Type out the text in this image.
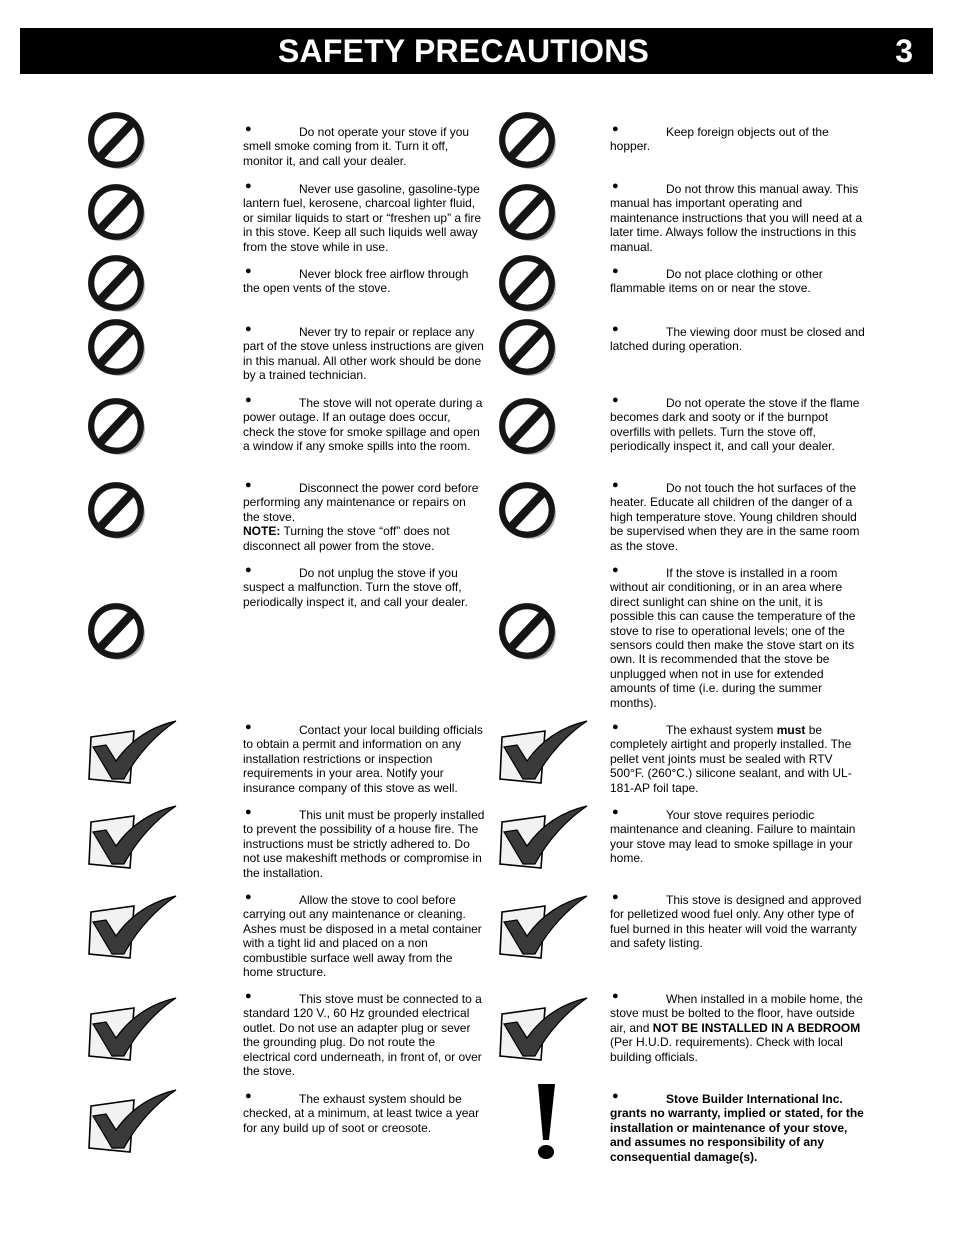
SAFETY PRECAUTIONS	3
●	Do not operate your stove if you smell smoke coming from it. Turn it off, monitor it, and call your dealer.
●	Never use gasoline, gasoline-type lantern fuel, kerosene, charcoal lighter fluid, or similar liquids to start or “freshen up” a fire in this stove. Keep all such liquids well away from the stove while in use.
●	Never block free airflow through the open vents of the stove.
●	Never try to repair or replace any part of the stove unless instructions are given in this manual. All other work should be done by a trained technician.
●	The stove will not operate during a power outage. If an outage does occur, check the stove for smoke spillage and open a window if any smoke spills into the room.
●	Disconnect the power cord before performing any maintenance or repairs on the stove.
NOTE: Turning the stove “off” does not disconnect all power from the stove.
●	Do not unplug the stove if you suspect a malfunction. Turn the stove off, periodically inspect it, and call your dealer.
●	Contact your local building officials to obtain a permit and information on any installation restrictions or inspection requirements in your area. Notify your insurance company of this stove as well.
●	This unit must be properly installed to prevent the possibility of a house fire. The instructions must be strictly adhered to. Do not use makeshift methods or compromise in the installation.
●	Allow the stove to cool before carrying out any maintenance or cleaning. Ashes must be disposed in a metal container with a tight lid and placed on a non combustible surface well away from the home structure.
●	This stove must be connected to a standard 120 V., 60 Hz grounded electrical outlet. Do not use an adapter plug or sever the grounding plug. Do not route the electrical cord underneath, in front of, or over the stove.
●	The exhaust system should be checked, at a minimum, at least twice a year for any build up of soot or creosote.
●	Keep foreign objects out of the hopper.
●	Do not throw this manual away. This manual has important operating and maintenance instructions that you will need at a later time. Always follow the instructions in this manual.
●	Do not place clothing or other flammable items on or near the stove.
●	The viewing door must be closed and latched during operation.
●	Do not operate the stove if the flame becomes dark and sooty or if the burnpot overfills with pellets. Turn the stove off, periodically inspect it, and call your dealer.
●	Do not touch the hot surfaces of the heater. Educate all children of the danger of a high temperature stove. Young children should be supervised when they are in the same room as the stove.
●	If the stove is installed in a room without air conditioning, or in an area where direct sunlight can shine on the unit, it is possible this can cause the temperature of the stove to rise to operational levels; one of the sensors could then make the stove start on its own. It is recommended that the stove be unplugged when not in use for extended amounts of time (i.e. during the summer months).
●	The exhaust system must be completely airtight and properly installed. The pellet vent joints must be sealed with RTV 500°F. (260°C.) silicone sealant, and with UL-181-AP foil tape.
●	Your stove requires periodic maintenance and cleaning. Failure to maintain your stove may lead to smoke spillage in your home.
●	This stove is designed and approved for pelletized wood fuel only. Any other type of fuel burned in this heater will void the warranty and safety listing.
●	When installed in a mobile home, the stove must be bolted to the floor, have outside air, and NOT BE INSTALLED IN A BEDROOM (Per H.U.D. requirements). Check with local building officials.
●	Stove Builder International Inc. grants no warranty, implied or stated, for the installation or maintenance of your stove, and assumes no responsibility of any consequential damage(s).
